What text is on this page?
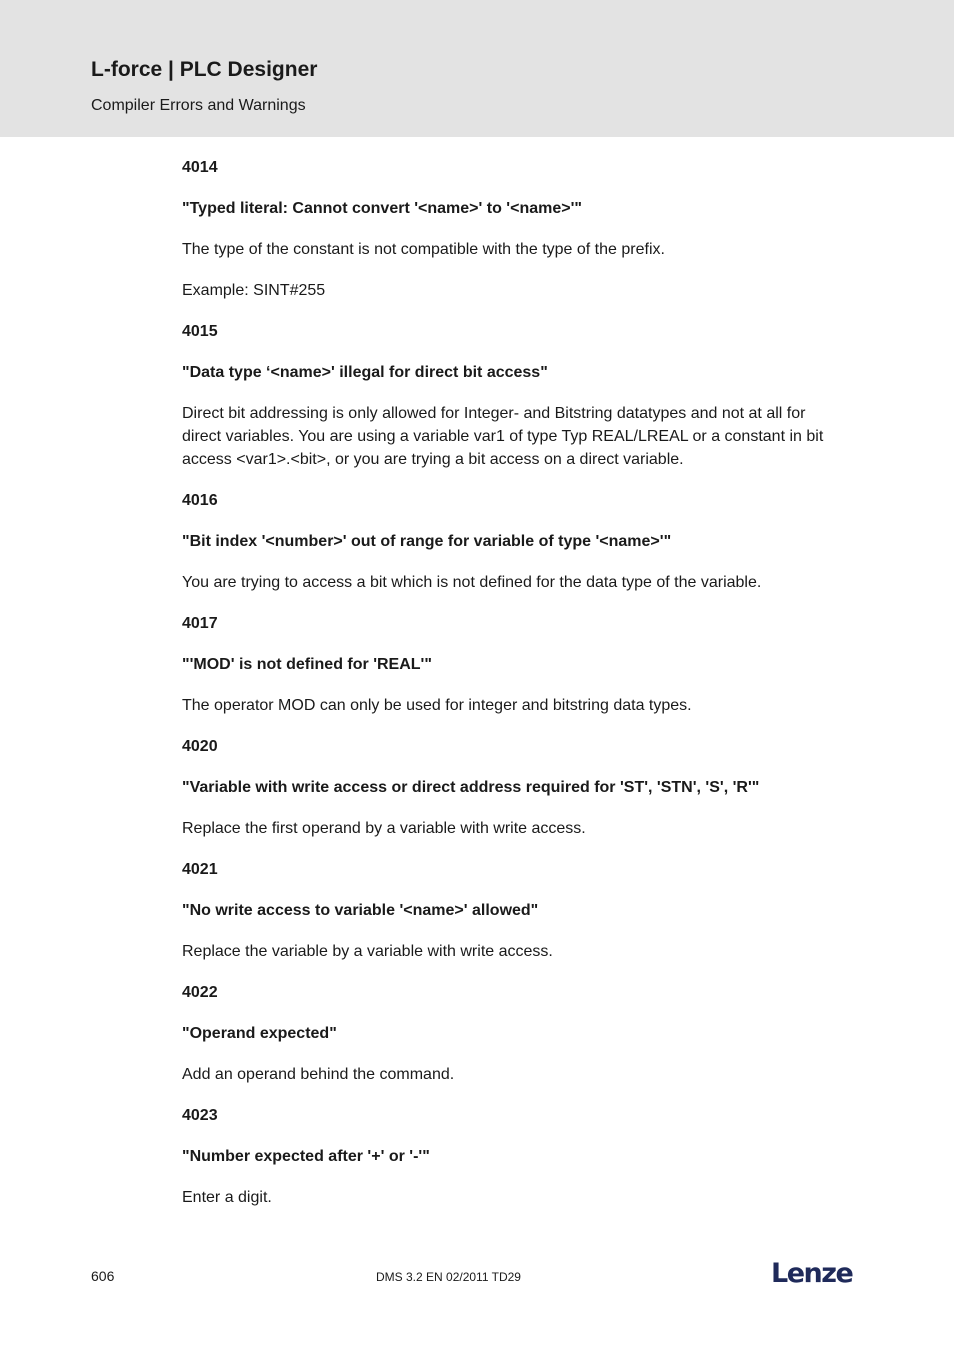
L-force | PLC Designer
Compiler Errors and Warnings
4014
"Typed literal: Cannot convert '<name>' to '<name>'"
The type of the constant is not compatible with the type of the prefix.
Example: SINT#255
4015
"Data type ‘<name>' illegal for direct bit access"
Direct bit addressing is only allowed for Integer- and Bitstring datatypes and not at all for direct variables. You are using a variable var1 of type Typ REAL/LREAL or a constant in bit access <var1>.<bit>, or you are trying a bit access on a direct variable.
4016
"Bit index '<number>' out of range for variable of type '<name>'"
You are trying to access a bit which is not defined for the data type of the variable.
4017
"'MOD' is not defined for 'REAL'"
The operator MOD can only be used for integer and bitstring data types.
4020
"Variable with write access or direct address required for 'ST', 'STN', 'S', 'R'"
Replace the first operand by a variable with write access.
4021
"No write access to variable '<name>' allowed"
Replace the variable by a variable with write access.
4022
"Operand expected"
Add an operand behind the command.
4023
"Number expected after '+' or '-'"
Enter a digit.
606	DMS 3.2 EN 02/2011 TD29	Lenze
